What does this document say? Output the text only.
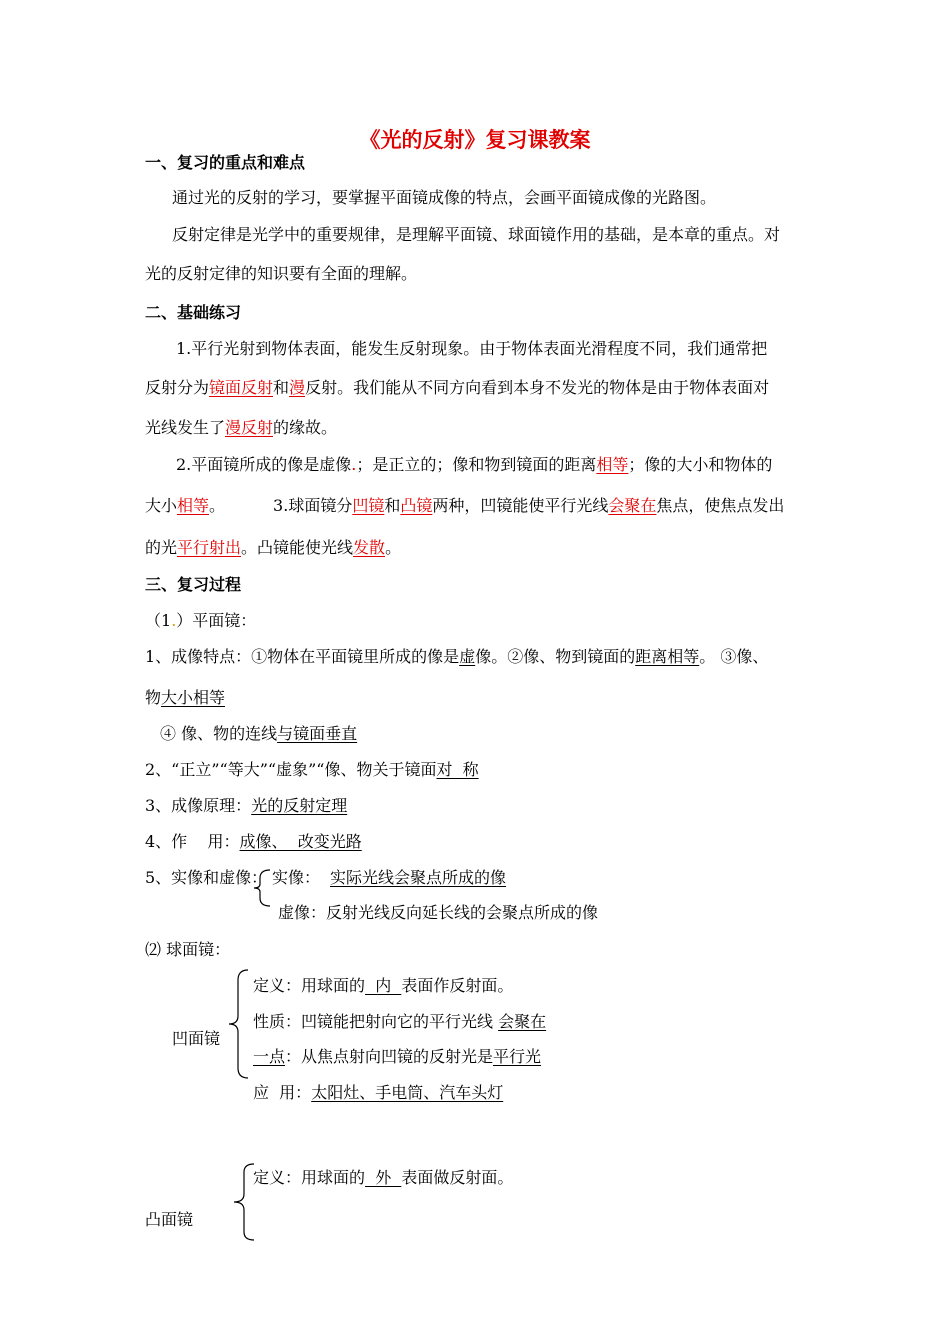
《光的反射》复习课教案
一、复习的重点和难点
通过光的反射的学习，要掌握平面镜成像的特点，会画平面镜成像的光路图。
反射定律是光学中的重要规律，是理解平面镜、球面镜作用的基础，是本章的重点。对
光的反射定律的知识要有全面的理解。
二、基础练习
1.平行光射到物体表面，能发生反射现象。由于物体表面光滑程度不同，我们通常把
反射分为镜面反射和漫反射。我们能从不同方向看到本身不发光的物体是由于物体表面对
光线发生了漫反射的缘故。
2.平面镜所成的像是虚像.；是正立的；像和物到镜面的距离相等；像的大小和物体的
大小相等。	3.球面镜分凹镜和凸镜两种，凹镜能使平行光线会聚在焦点，使焦点发出
的光平行射出。凸镜能使光线发散。
三、复习过程
（1.）平面镜：
1、成像特点：①物体在平面镜里所成的像是虚像。②像、物到镜面的距离相等。 ③像、
物大小相等
④ 像、物的连线与镜面垂直
2、“正立”“等大”“虚象”“像、物关于镜面对  称
3、成像原理：光的反射定理
4、作    用：成像、  改变光路
5、实像和虚像： 实像： 实际光线会聚点所成的像
虚像：反射光线反向延长线的会聚点所成的像
⑵ 球面镜：
凹面镜
定义：用球面的  内  表面作反射面。
性质：凹镜能把射向它的平行光线 会聚在
一点：从焦点射向凹镜的反射光是平行光
应  用：太阳灶、手电筒、汽车头灯
凸面镜
定义：用球面的  外  表面做反射面。
